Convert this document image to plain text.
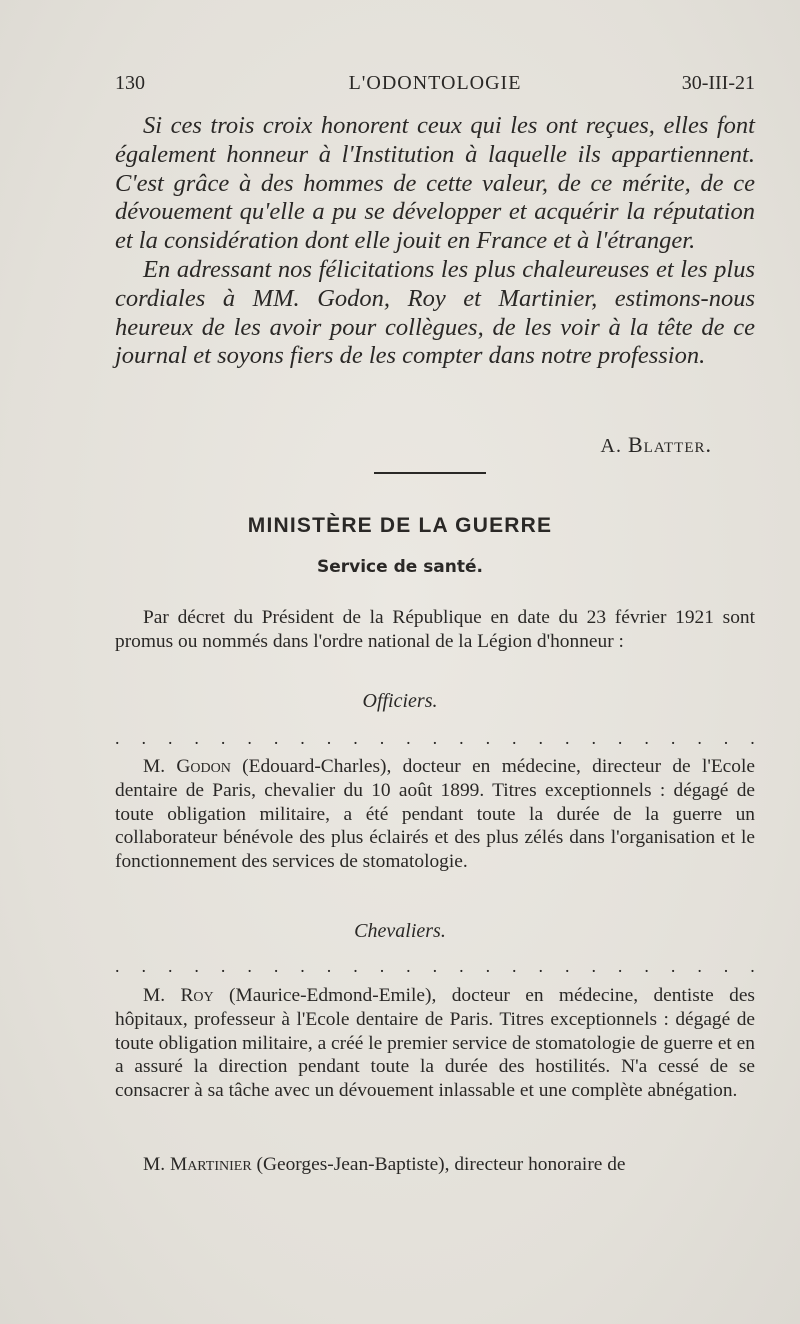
130	L'ODONTOLOGIE	30-III-21

Si ces trois croix honorent ceux qui les ont reçues, elles font également honneur à l'Institution à laquelle ils appartiennent. C'est grâce à des hommes de cette valeur, de ce mérite, de ce dévouement qu'elle a pu se développer et acquérir la réputation et la considération dont elle jouit en France et à l'étranger.

En adressant nos félicitations les plus chaleureuses et les plus cordiales à MM. Godon, Roy et Martinier, estimons-nous heureux de les avoir pour collègues, de les voir à la tête de ce journal et soyons fiers de les compter dans notre profession.

A. Blatter.
MINISTÈRE DE LA GUERRE
Service de santé.

Par décret du Président de la République en date du 23 février 1921 sont promus ou nommés dans l'ordre national de la Légion d'honneur :

Officiers.
. . . . . . . . . . . . . . . . . . . . . . . . .

M. Godon (Edouard-Charles), docteur en médecine, directeur de l'Ecole dentaire de Paris, chevalier du 10 août 1899. Titres exceptionnels : dégagé de toute obligation militaire, a été pendant toute la durée de la guerre un collaborateur bénévole des plus éclairés et des plus zélés dans l'organisation et le fonctionnement des services de stomatologie.

Chevaliers.
. . . . . . . . . . . . . . . . . . . . . . . . .

M. Roy (Maurice-Edmond-Emile), docteur en médecine, dentiste des hôpitaux, professeur à l'Ecole dentaire de Paris. Titres exceptionnels : dégagé de toute obligation militaire, a créé le premier service de stomatologie de guerre et en a assuré la direction pendant toute la durée des hostilités. N'a cessé de se consacrer à sa tâche avec un dévouement inlassable et une complète abnégation.

M. Martinier (Georges-Jean-Baptiste), directeur honoraire de
